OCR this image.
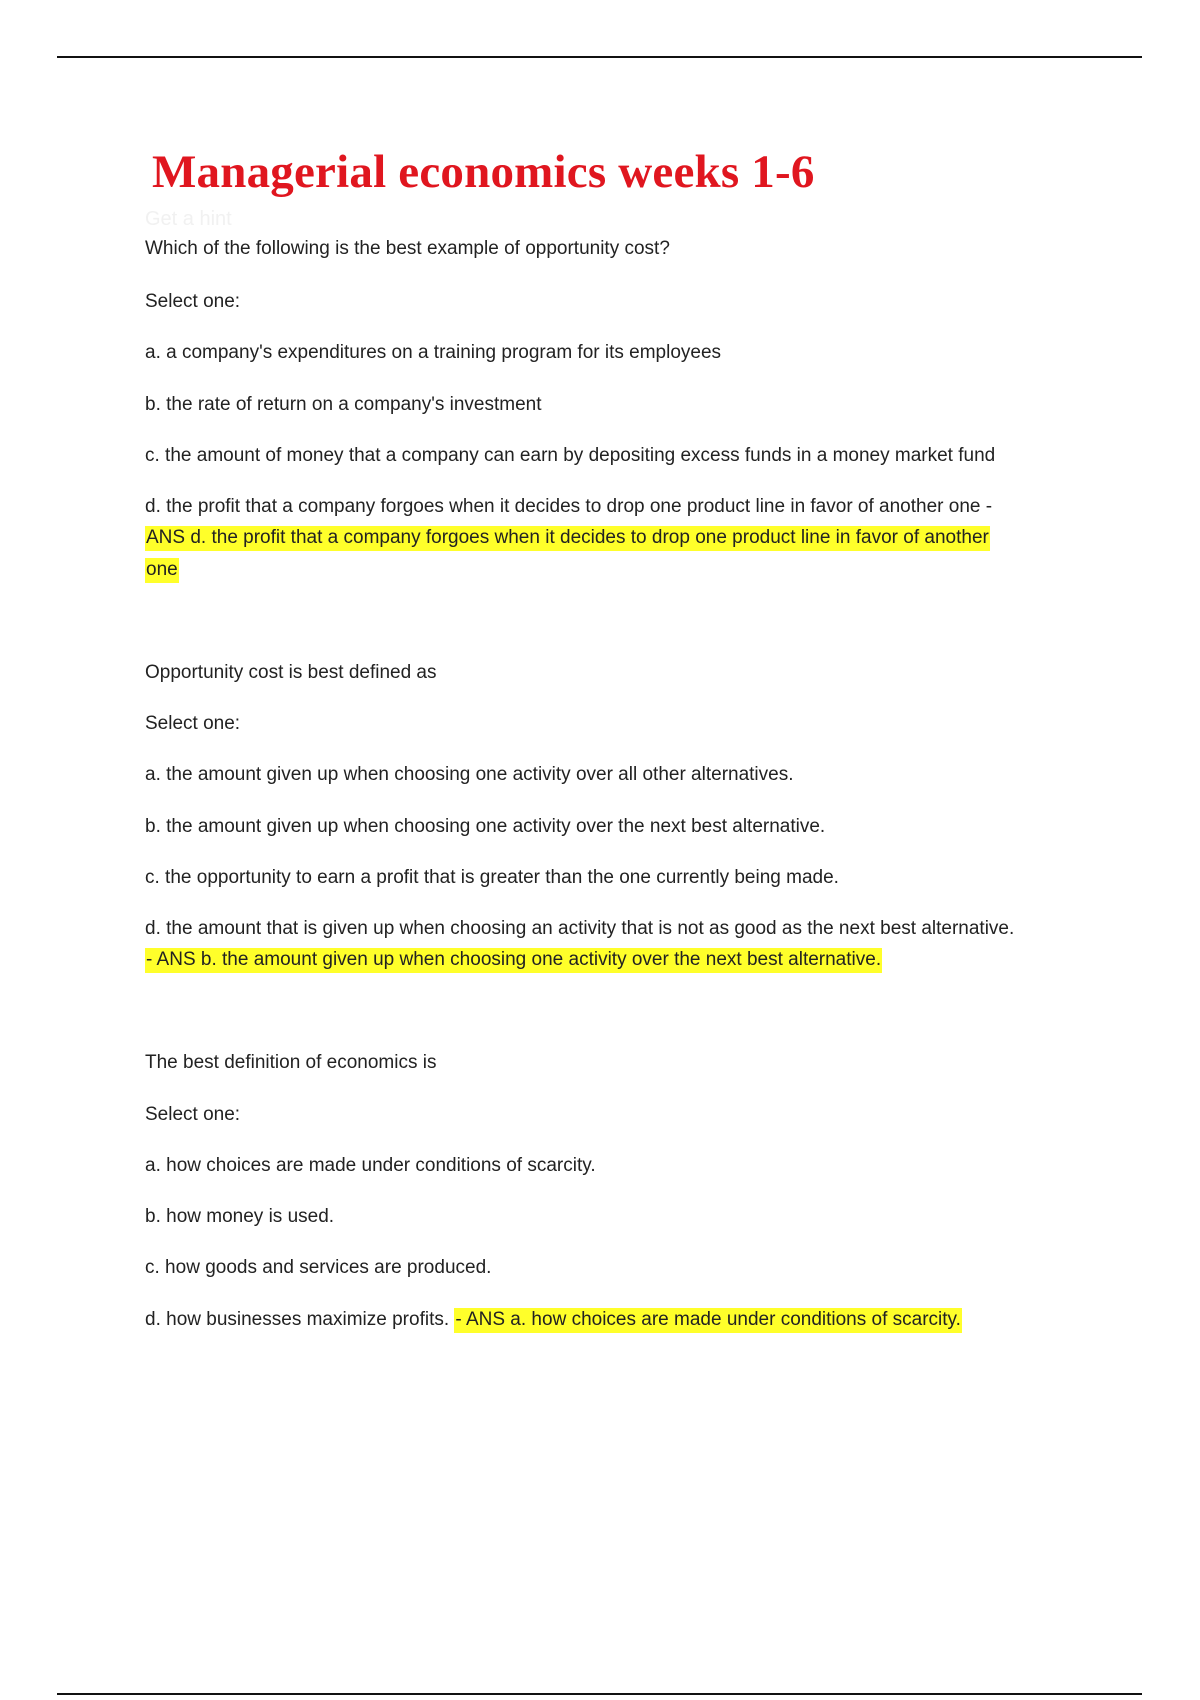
Managerial economics weeks 1-6
Get a hint
Which of the following is the best example of opportunity cost?
Select one:
a. a company's expenditures on a training program for its employees
b. the rate of return on a company's investment
c. the amount of money that a company can earn by depositing excess funds in a money market fund
d. the profit that a company forgoes when it decides to drop one product line in favor of another one -
ANS d. the profit that a company forgoes when it decides to drop one product line in favor of another
one
Opportunity cost is best defined as
Select one:
a. the amount given up when choosing one activity over all other alternatives.
b. the amount given up when choosing one activity over the next best alternative.
c. the opportunity to earn a profit that is greater than the one currently being made.
d. the amount that is given up when choosing an activity that is not as good as the next best alternative.
- ANS b. the amount given up when choosing one activity over the next best alternative.
The best definition of economics is
Select one:
a. how choices are made under conditions of scarcity.
b. how money is used.
c. how goods and services are produced.
d. how businesses maximize profits. - ANS a. how choices are made under conditions of scarcity.
